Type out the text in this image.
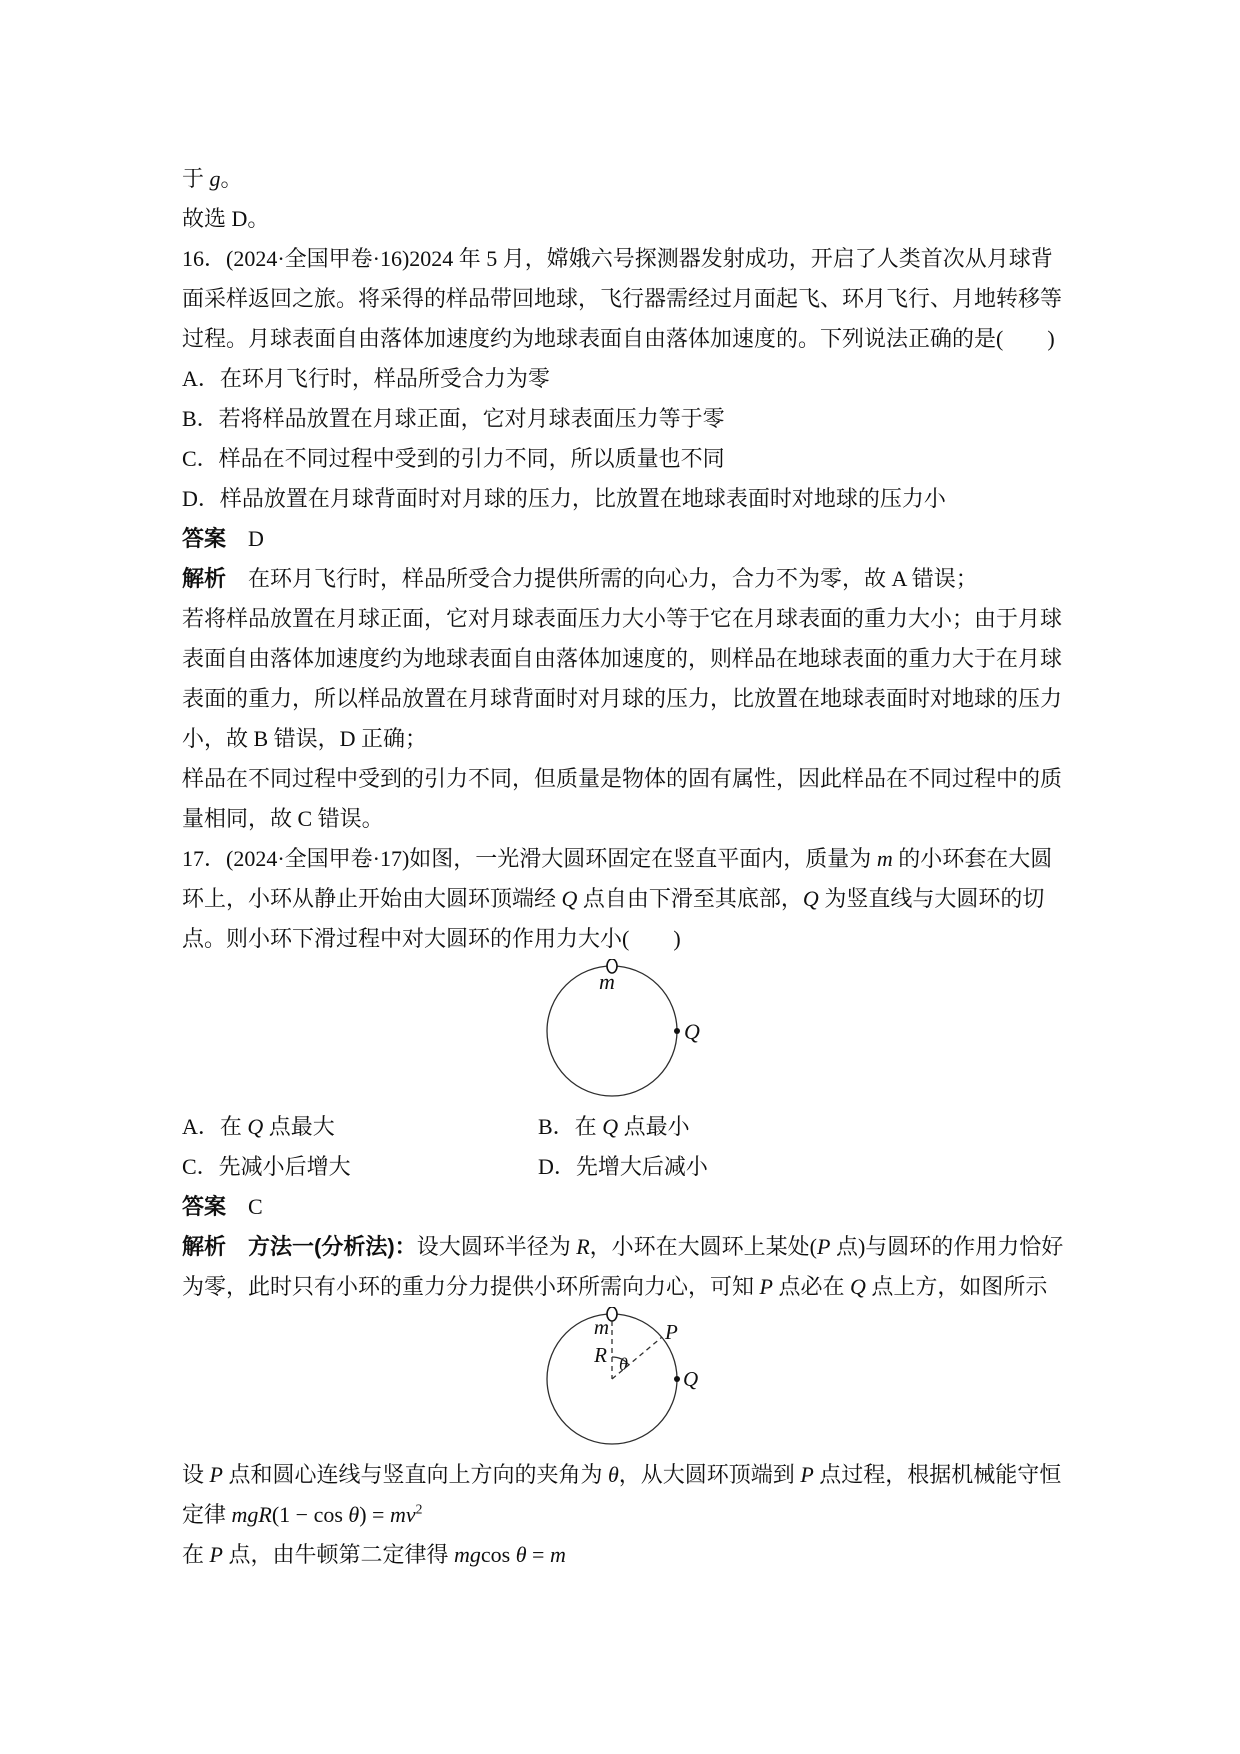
于 g。
故选 D。
16．(2024·全国甲卷·16)2024 年 5 月，嫦娥六号探测器发射成功，开启了人类首次从月球背
面采样返回之旅。将采得的样品带回地球，飞行器需经过月面起飞、环月飞行、月地转移等
过程。月球表面自由落体加速度约为地球表面自由落体加速度的。下列说法正确的是(　　)
A．在环月飞行时，样品所受合力为零
B．若将样品放置在月球正面，它对月球表面压力等于零
C．样品在不同过程中受到的引力不同，所以质量也不同
D．样品放置在月球背面时对月球的压力，比放置在地球表面时对地球的压力小
答案　D
解析　在环月飞行时，样品所受合力提供所需的向心力，合力不为零，故 A 错误；
若将样品放置在月球正面，它对月球表面压力大小等于它在月球表面的重力大小；由于月球
表面自由落体加速度约为地球表面自由落体加速度的，则样品在地球表面的重力大于在月球
表面的重力，所以样品放置在月球背面时对月球的压力，比放置在地球表面时对地球的压力
小，故 B 错误，D 正确；
样品在不同过程中受到的引力不同，但质量是物体的固有属性，因此样品在不同过程中的质
量相同，故 C 错误。
17．(2024·全国甲卷·17)如图，一光滑大圆环固定在竖直平面内，质量为 m 的小环套在大圆
环上，小环从静止开始由大圆环顶端经 Q 点自由下滑至其底部，Q 为竖直线与大圆环的切
点。则小环下滑过程中对大圆环的作用力大小(　　)
m
Q
A．在 Q 点最大	B．在 Q 点最小
C．先减小后增大	D．先增大后减小
答案　C
解析　 方法一(分析法)：设大圆环半径为 R，小环在大圆环上某处(P 点)与圆环的作用力恰好
为零，此时只有小环的重力分力提供小环所需向力心，可知 P 点必在 Q 点上方，如图所示
m
R θ
P
Q
设 P 点和圆心连线与竖直向上方向的夹角为 θ，从大圆环顶端到 P 点过程，根据机械能守恒
定律 $mgR(1 - \cos \theta) = mv^2$
在 P 点，由牛顿第二定律得 mgcos θ = m
